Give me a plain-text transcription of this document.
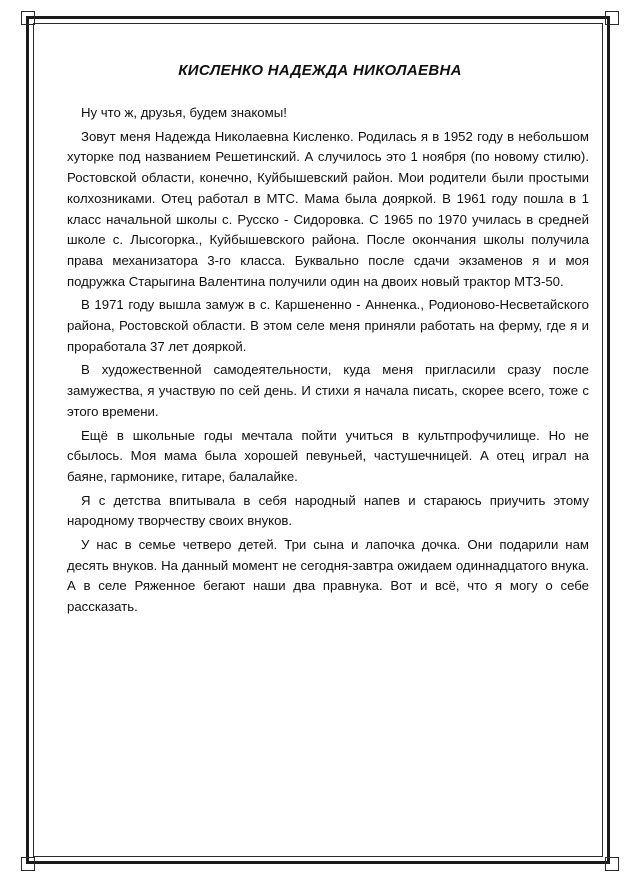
КИСЛЕНКО НАДЕЖДА НИКОЛАЕВНА

Ну что ж, друзья, будем знакомы!

Зовут меня Надежда Николаевна Кисленко. Родилась я в 1952 году в небольшом хуторке под названием Решетинский. А случилось это 1 ноября (по новому стилю). Ростовской области, конечно, Куйбышевский район. Мои родители были простыми колхозниками. Отец работал в МТС. Мама была дояркой. В 1961 году пошла в 1 класс начальной школы с. Русско - Сидоровка. С 1965 по 1970 училась в средней школе с. Лысогорка., Куйбышевского района. После окончания школы получила права механизатора 3-го класса. Буквально после сдачи экзаменов я и моя подружка Старыгина Валентина получили один на двоих новый трактор МТЗ-50.

В 1971 году вышла замуж в с. Каршененно - Анненка., Родионово-Несветайского района, Ростовской области. В этом селе меня приняли работать на ферму, где я и проработала 37 лет дояркой.

В художественной самодеятельности, куда меня пригласили сразу после замужества, я участвую по сей день. И стихи я начала писать, скорее всего, тоже с этого времени.

Ещё в школьные годы мечтала пойти учиться в культпрофучилище. Но не сбылось. Моя мама была хорошей певуньей, частушечницей. А отец играл на баяне, гармонике, гитаре, балалайке.

Я с детства впитывала в себя народный напев и стараюсь приучить этому народному творчеству своих внуков.

У нас в семье четверо детей. Три сына и лапочка дочка. Они подарили нам десять внуков. На данный момент не сегодня-завтра ожидаем одиннадцатого внука. А в селе Ряженное бегают наши два правнука. Вот и всё, что я могу о себе рассказать.
